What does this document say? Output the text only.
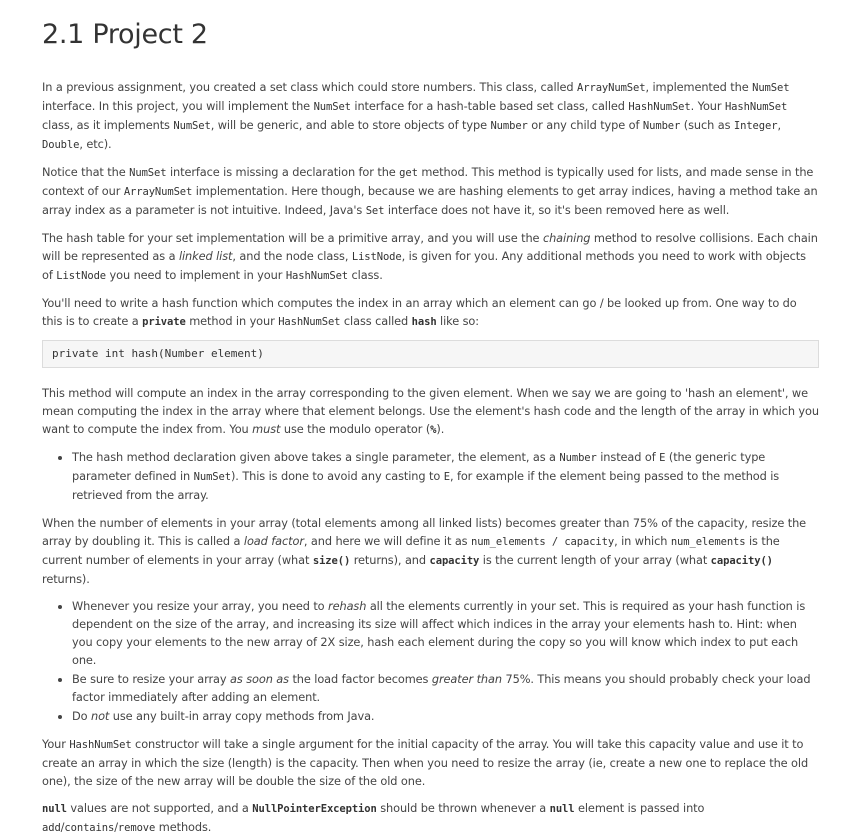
2.1 Project 2

In a previous assignment, you created a set class which could store numbers. This class, called ArrayNumSet, implemented the NumSet interface. In this project, you will implement the NumSet interface for a hash-table based set class, called HashNumSet. Your HashNumSet class, as it implements NumSet, will be generic, and able to store objects of type Number or any child type of Number (such as Integer, Double, etc).

Notice that the NumSet interface is missing a declaration for the get method. This method is typically used for lists, and made sense in the context of our ArrayNumSet implementation. Here though, because we are hashing elements to get array indices, having a method take an array index as a parameter is not intuitive. Indeed, Java's Set interface does not have it, so it's been removed here as well.

The hash table for your set implementation will be a primitive array, and you will use the chaining method to resolve collisions. Each chain will be represented as a linked list, and the node class, ListNode, is given for you. Any additional methods you need to work with objects of ListNode you need to implement in your HashNumSet class.

You'll need to write a hash function which computes the index in an array which an element can go / be looked up from. One way to do this is to create a private method in your HashNumSet class called hash like so:

private int hash(Number element)

This method will compute an index in the array corresponding to the given element. When we say we are going to 'hash an element', we mean computing the index in the array where that element belongs. Use the element's hash code and the length of the array in which you want to compute the index from. You must use the modulo operator (%).

• The hash method declaration given above takes a single parameter, the element, as a Number instead of E (the generic type parameter defined in NumSet). This is done to avoid any casting to E, for example if the element being passed to the method is retrieved from the array.

When the number of elements in your array (total elements among all linked lists) becomes greater than 75% of the capacity, resize the array by doubling it. This is called a load factor, and here we will define it as num_elements / capacity, in which num_elements is the current number of elements in your array (what size() returns), and capacity is the current length of your array (what capacity() returns).

• Whenever you resize your array, you need to rehash all the elements currently in your set. This is required as your hash function is dependent on the size of the array, and increasing its size will affect which indices in the array your elements hash to. Hint: when you copy your elements to the new array of 2X size, hash each element during the copy so you will know which index to put each one.
• Be sure to resize your array as soon as the load factor becomes greater than 75%. This means you should probably check your load factor immediately after adding an element.
• Do not use any built-in array copy methods from Java.

Your HashNumSet constructor will take a single argument for the initial capacity of the array. You will take this capacity value and use it to create an array in which the size (length) is the capacity. Then when you need to resize the array (ie, create a new one to replace the old one), the size of the new array will be double the size of the old one.

null values are not supported, and a NullPointerException should be thrown whenever a null element is passed into add/contains/remove methods.
